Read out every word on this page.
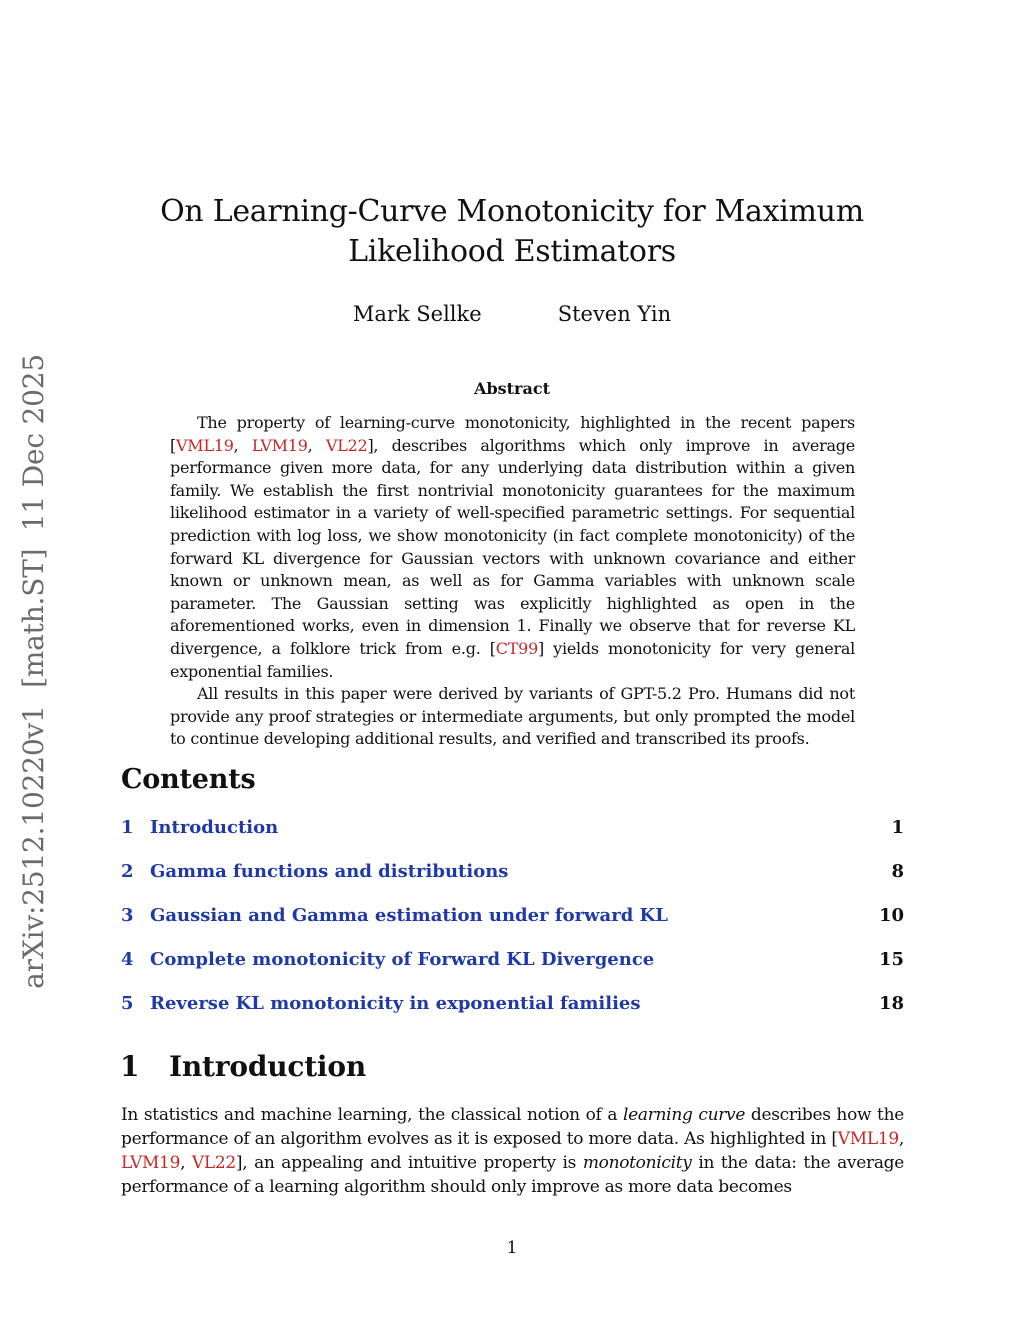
arXiv:2512.10220v1  [math.ST]  11 Dec 2025
On Learning-Curve Monotonicity for Maximum
Likelihood Estimators
Mark Sellke	Steven Yin
Abstract

The property of learning-curve monotonicity, highlighted in the recent papers [VML19, LVM19, VL22], describes algorithms which only improve in average performance given more data, for any underlying data distribution within a given family. We establish the first nontrivial monotonicity guarantees for the maximum likelihood estimator in a variety of well-specified parametric settings. For sequential prediction with log loss, we show monotonicity (in fact complete monotonicity) of the forward KL divergence for Gaussian vectors with unknown covariance and either known or unknown mean, as well as for Gamma variables with unknown scale parameter. The Gaussian setting was explicitly highlighted as open in the aforementioned works, even in dimension 1. Finally we observe that for reverse KL divergence, a folklore trick from e.g. [CT99] yields monotonicity for very general exponential families.

All results in this paper were derived by variants of GPT-5.2 Pro. Humans did not provide any proof strategies or intermediate arguments, but only prompted the model to continue developing additional results, and verified and transcribed its proofs.

Contents
1 Introduction	1
2 Gamma functions and distributions	8
3 Gaussian and Gamma estimation under forward KL	10
4 Complete monotonicity of Forward KL Divergence	15
5 Reverse KL monotonicity in exponential families	18
1 Introduction

In statistics and machine learning, the classical notion of a learning curve describes how the performance of an algorithm evolves as it is exposed to more data. As highlighted in [VML19, LVM19, VL22], an appealing and intuitive property is monotonicity in the data: the average performance of a learning algorithm should only improve as more data becomes

1
